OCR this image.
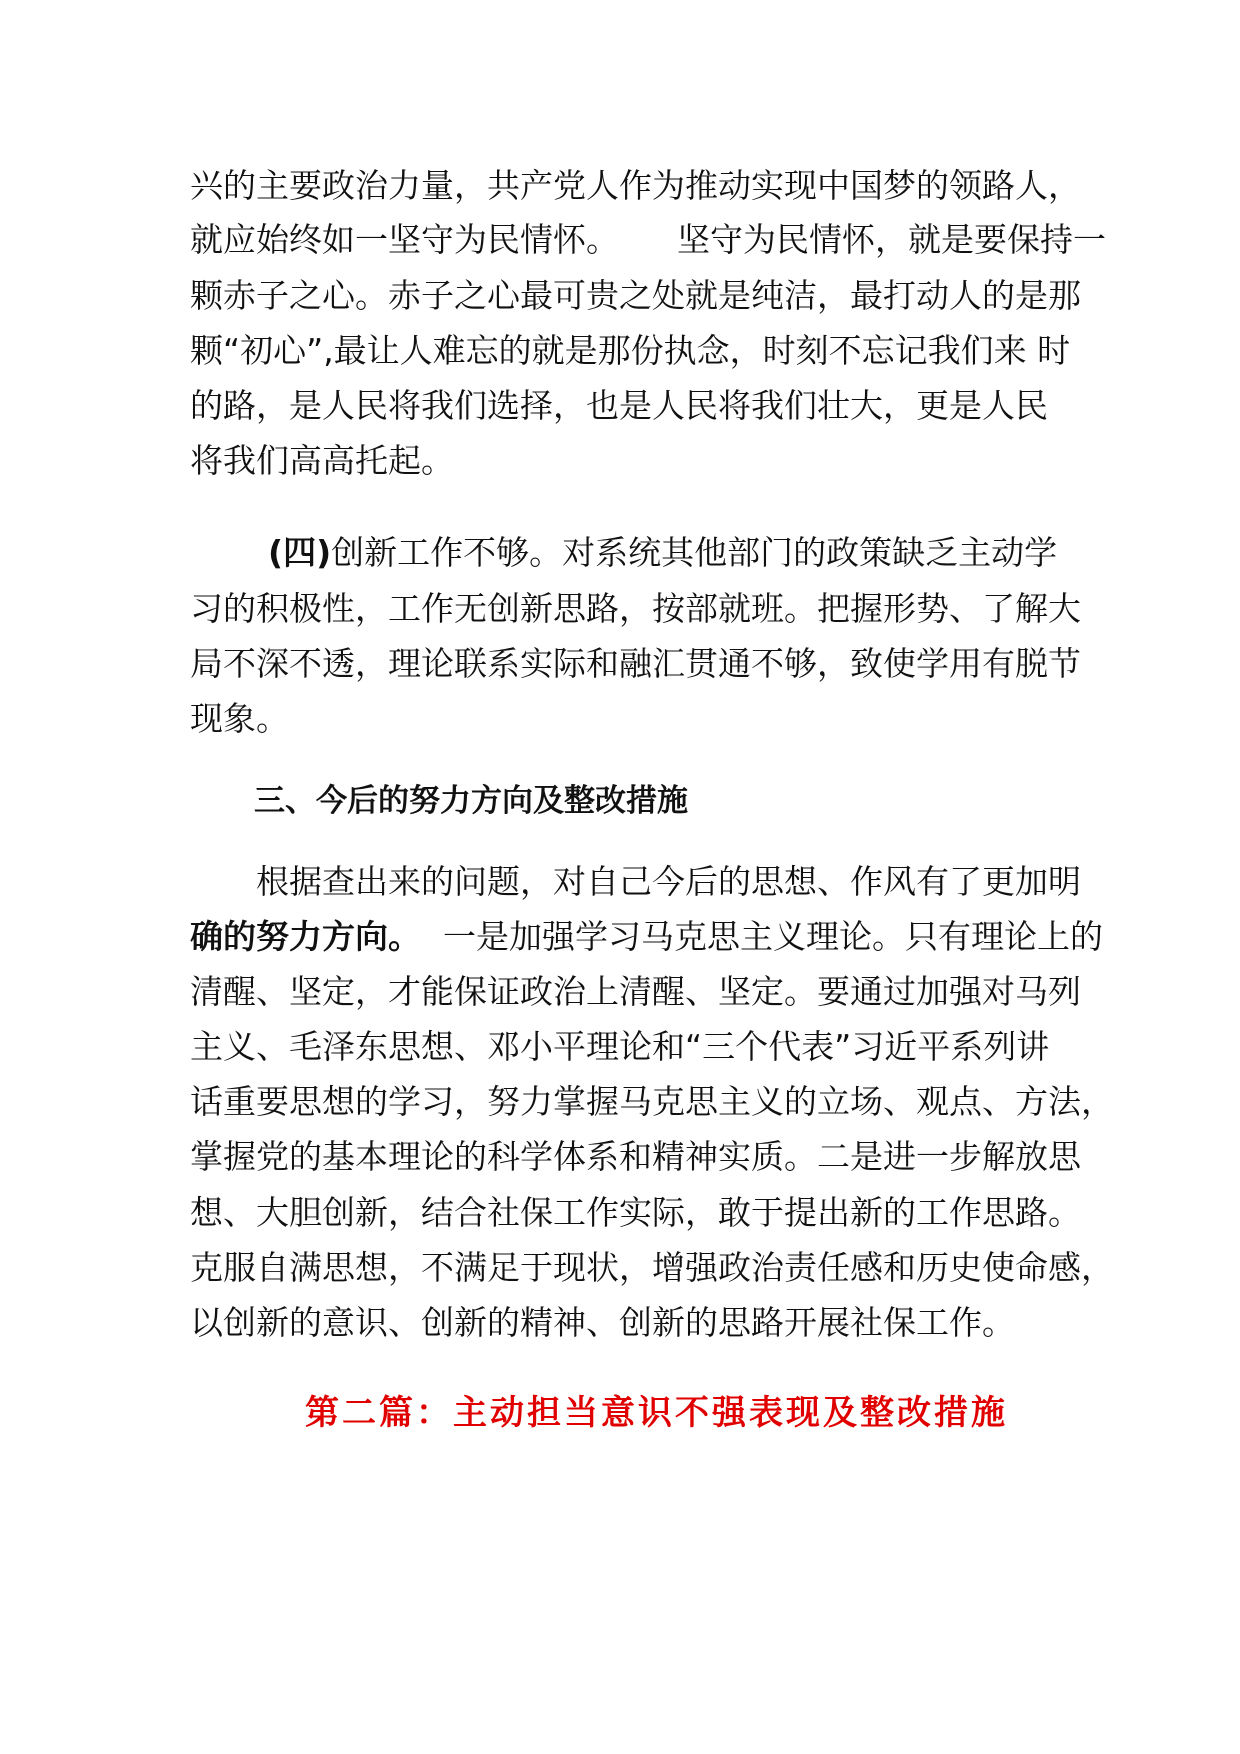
兴的主要政治力量，共产党人作为推动实现中国梦的领路人，
就应始终如一坚守为民情怀。 坚守为民情怀，就是要保持一
颗赤子之心。赤子之心最可贵之处就是纯洁，最打动人的是那
颗“初心”,最让人难忘的就是那份执念，时刻不忘记我们来 时
的路，是人民将我们选择，也是人民将我们壮大，更是人民
将我们高高托起。
(四)创新工作不够。对系统其他部门的政策缺乏主动学
习的积极性，工作无创新思路，按部就班。把握形势、了解大
局不深不透，理论联系实际和融汇贯通不够，致使学用有脱节
现象。
三、今后的努力方向及整改措施
根据查出来的问题，对自己今后的思想、作风有了更加明
确的努力方向。 一是加强学习马克思主义理论。只有理论上的
清醒、坚定，才能保证政治上清醒、坚定。要通过加强对马列
主义、毛泽东思想、邓小平理论和“三个代表”习近平系列讲
话重要思想的学习，努力掌握马克思主义的立场、观点、方法，
掌握党的基本理论的科学体系和精神实质。二是进一步解放思
想、大胆创新，结合社保工作实际，敢于提出新的工作思路。
克服自满思想，不满足于现状，增强政治责任感和历史使命感，
以创新的意识、创新的精神、创新的思路开展社保工作。
第二篇：主动担当意识不强表现及整改措施
